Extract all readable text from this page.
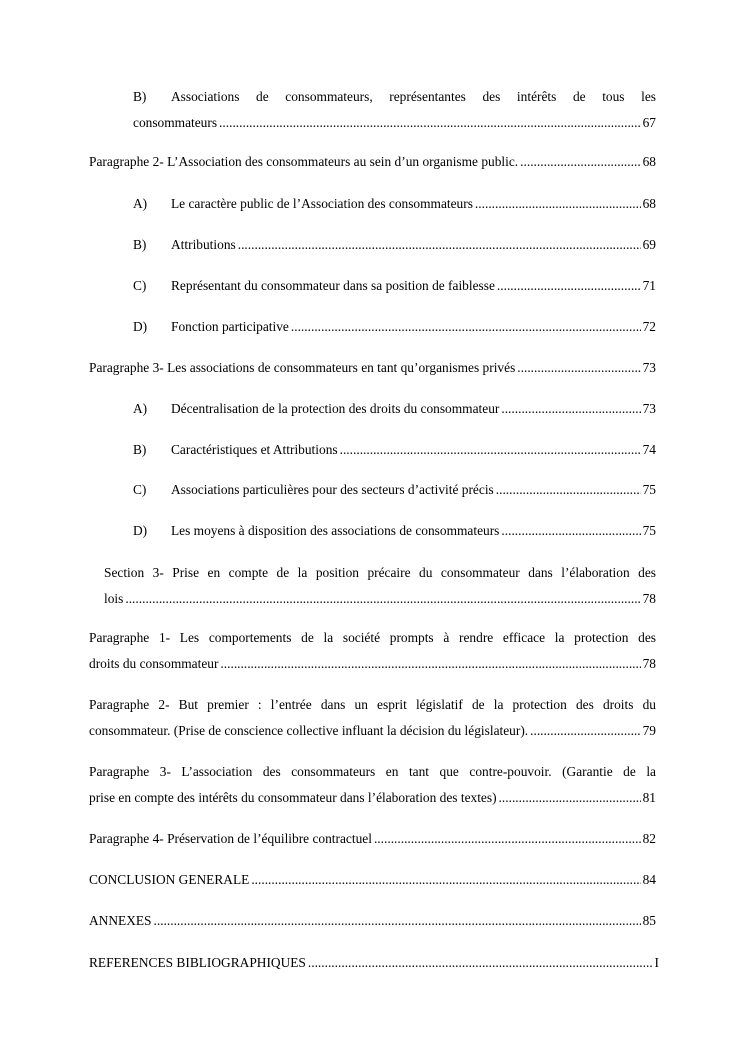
B) Associations de consommateurs, représentantes des intérêts de tous les
consommateurs .....	67
Paragraphe 2- L’Association des consommateurs au sein d’un organisme public. .....	68
A)	Le caractère public de l’Association des consommateurs .....	68
B)	Attributions .....	69
C)	Représentant du consommateur dans sa position de faiblesse .....	71
D)	Fonction participative .....	72
Paragraphe 3- Les associations de consommateurs en tant qu’organismes privés .....	73
A)	Décentralisation de la protection des droits du consommateur .....	73
B)	Caractéristiques et Attributions .....	74
C)	Associations particulières pour des secteurs d’activité précis .....	75
D)	Les moyens à disposition des associations de consommateurs .....	75
Section 3- Prise en compte de la position précaire du consommateur dans l’élaboration des
lois .....	78
Paragraphe 1- Les comportements de la société prompts à rendre efficace la protection des
droits du consommateur .....	78
Paragraphe 2- But premier : l’entrée dans un esprit législatif de la protection des droits du
consommateur. (Prise de conscience collective influant la décision du législateur). .....	79
Paragraphe 3- L’association des consommateurs en tant que contre-pouvoir. (Garantie de la
prise en compte des intérêts du consommateur dans l’élaboration des textes) .....	81
Paragraphe 4- Préservation de l’équilibre contractuel .....	82
CONCLUSION GENERALE .....	84
ANNEXES .....	85
REFERENCES BIBLIOGRAPHIQUES .....	I
